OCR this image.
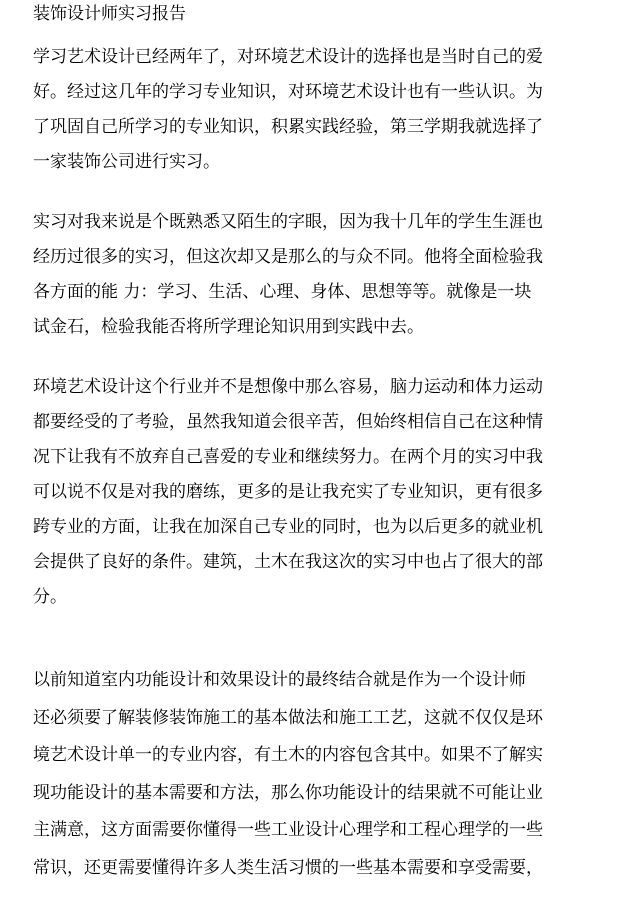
装饰设计师实习报告
学习艺术设计已经两年了，对环境艺术设计的选择也是当时自己的爱
好。经过这几年的学习专业知识，对环境艺术设计也有一些认识。为
了巩固自己所学习的专业知识，积累实践经验，第三学期我就选择了
一家装饰公司进行实习。
实习对我来说是个既熟悉又陌生的字眼，因为我十几年的学生生涯也
经历过很多的实习，但这次却又是那么的与众不同。他将全面检验我
各方面的能 力：学习、生活、心理、身体、思想等等。就像是一块
试金石，检验我能否将所学理论知识用到实践中去。
环境艺术设计这个行业并不是想像中那么容易，脑力运动和体力运动
都要经受的了考验，虽然我知道会很辛苦，但始终相信自己在这种情
况下让我有不放弃自己喜爱的专业和继续努力。在两个月的实习中我
可以说不仅是对我的磨练，更多的是让我充实了专业知识，更有很多
跨专业的方面，让我在加深自己专业的同时，也为以后更多的就业机
会提供了良好的条件。建筑，土木在我这次的实习中也占了很大的部
分。
以前知道室内功能设计和效果设计的最终结合就是作为一个设计师
还必须要了解装修装饰施工的基本做法和施工工艺，这就不仅仅是环
境艺术设计单一的专业内容，有土木的内容包含其中。如果不了解实
现功能设计的基本需要和方法，那么你功能设计的结果就不可能让业
主满意，这方面需要你懂得一些工业设计心理学和工程心理学的一些
常识，还更需要懂得许多人类生活习惯的一些基本需要和享受需要，
